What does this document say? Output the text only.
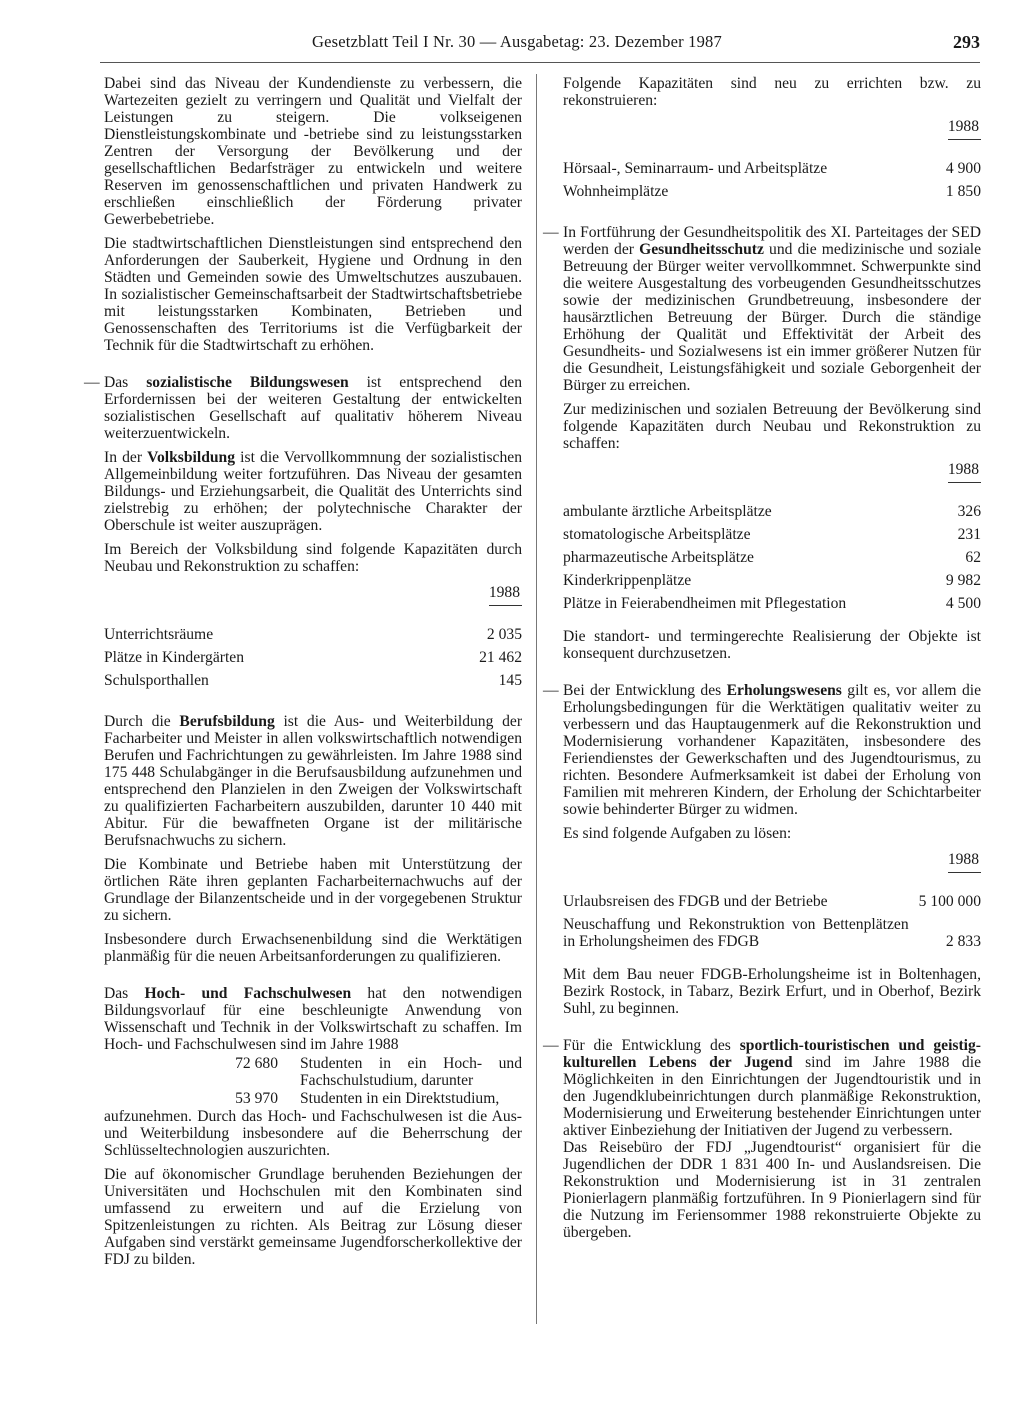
Gesetzblatt Teil I Nr. 30 — Ausgabetag: 23. Dezember 1987	293

Dabei sind das Niveau der Kundendienste zu verbessern, die Wartezeiten gezielt zu verringern und Qualität und Vielfalt der Leistungen zu steigern. Die volkseigenen Dienstleistungskombinate und -betriebe sind zu leistungsstarken Zentren der Versorgung der Bevölkerung und der gesellschaftlichen Bedarfsträger zu entwickeln und weitere Reserven im genossenschaftlichen und privaten Handwerk zu erschließen einschließlich der Förderung privater Gewerbebetriebe.

Die stadtwirtschaftlichen Dienstleistungen sind entsprechend den Anforderungen der Sauberkeit, Hygiene und Ordnung in den Städten und Gemeinden sowie des Umweltschutzes auszubauen. In sozialistischer Gemeinschaftsarbeit der Stadtwirtschaftsbetriebe mit leistungsstarken Kombinaten, Betrieben und Genossenschaften des Territoriums ist die Verfügbarkeit der Technik für die Stadtwirtschaft zu erhöhen.

— Das sozialistische Bildungswesen ist entsprechend den Erfordernissen bei der weiteren Gestaltung der entwickelten sozialistischen Gesellschaft auf qualitativ höherem Niveau weiterzuentwickeln.

In der Volksbildung ist die Vervollkommnung der sozialistischen Allgemeinbildung weiter fortzuführen. Das Niveau der gesamten Bildungs- und Erziehungsarbeit, die Qualität des Unterrichts sind zielstrebig zu erhöhen; der polytechnische Charakter der Oberschule ist weiter auszuprägen.

Im Bereich der Volksbildung sind folgende Kapazitäten durch Neubau und Rekonstruktion zu schaffen:

	1988

Unterrichtsräume	2 035
Plätze in Kindergärten	21 462
Schulsporthallen	145

Durch die Berufsbildung ist die Aus- und Weiterbildung der Facharbeiter und Meister in allen volkswirtschaftlich notwendigen Berufen und Fachrichtungen zu gewährleisten. Im Jahre 1988 sind 175 448 Schulabgänger in die Berufsausbildung aufzunehmen und entsprechend den Planzielen in den Zweigen der Volkswirtschaft zu qualifizierten Facharbeitern auszubilden, darunter 10 440 mit Abitur. Für die bewaffneten Organe ist der militärische Berufsnachwuchs zu sichern.

Die Kombinate und Betriebe haben mit Unterstützung der örtlichen Räte ihren geplanten Facharbeiternachwuchs auf der Grundlage der Bilanzentscheide und in der vorgegebenen Struktur zu sichern.

Insbesondere durch Erwachsenenbildung sind die Werktätigen planmäßig für die neuen Arbeitsanforderungen zu qualifizieren.

Das Hoch- und Fachschulwesen hat den notwendigen Bildungsvorlauf für eine beschleunigte Anwendung von Wissenschaft und Technik in der Volkswirtschaft zu schaffen. Im Hoch- und Fachschulwesen sind im Jahre 1988

72 680	Studenten in ein Hoch- und Fachschulstudium, darunter
53 970	Studenten in ein Direktstudium,

aufzunehmen. Durch das Hoch- und Fachschulwesen ist die Aus- und Weiterbildung insbesondere auf die Beherrschung der Schlüsseltechnologien auszurichten.

Die auf ökonomischer Grundlage beruhenden Beziehungen der Universitäten und Hochschulen mit den Kombinaten sind umfassend zu erweitern und auf die Erzielung von Spitzenleistungen zu richten. Als Beitrag zur Lösung dieser Aufgaben sind verstärkt gemeinsame Jugendforscherkollektive der FDJ zu bilden.

Folgende Kapazitäten sind neu zu errichten bzw. zu rekonstruieren:

	1988

Hörsaal-, Seminarraum- und Arbeitsplätze	4 900
Wohnheimplätze	1 850
— In Fortführung der Gesundheitspolitik des XI. Parteitages der SED werden der Gesundheitsschutz und die medizinische und soziale Betreuung der Bürger weiter vervollkommnet. Schwerpunkte sind die weitere Ausgestaltung des vorbeugenden Gesundheitsschutzes sowie der medizinischen Grundbetreuung, insbesondere der hausärztlichen Betreuung der Bürger. Durch die ständige Erhöhung der Qualität und Effektivität der Arbeit des Gesundheits- und Sozialwesens ist ein immer größerer Nutzen für die Gesundheit, Leistungsfähigkeit und soziale Geborgenheit der Bürger zu erreichen.

Zur medizinischen und sozialen Betreuung der Bevölkerung sind folgende Kapazitäten durch Neubau und Rekonstruktion zu schaffen:

	1988

ambulante ärztliche Arbeitsplätze	326
stomatologische Arbeitsplätze	231
pharmazeutische Arbeitsplätze	62
Kinderkrippenplätze	9 982
Plätze in Feierabendheimen mit Pflegestation	4 500

Die standort- und termingerechte Realisierung der Objekte ist konsequent durchzusetzen.

— Bei der Entwicklung des Erholungswesens gilt es, vor allem die Erholungsbedingungen für die Werktätigen qualitativ weiter zu verbessern und das Hauptaugenmerk auf die Rekonstruktion und Modernisierung vorhandener Kapazitäten, insbesondere des Feriendienstes der Gewerkschaften und des Jugendtourismus, zu richten. Besondere Aufmerksamkeit ist dabei der Erholung von Familien mit mehreren Kindern, der Erholung der Schichtarbeiter sowie behinderter Bürger zu widmen.

Es sind folgende Aufgaben zu lösen:

	1988

Urlaubsreisen des FDGB und der Betriebe	5 100 000
Neuschaffung und Rekonstruktion von Bettenplätzen in Erholungsheimen des FDGB	2 833

Mit dem Bau neuer FDGB-Erholungsheime ist in Boltenhagen, Bezirk Rostock, in Tabarz, Bezirk Erfurt, und in Oberhof, Bezirk Suhl, zu beginnen.

— Für die Entwicklung des sportlich-touristischen und geistig-kulturellen Lebens der Jugend sind im Jahre 1988 die Möglichkeiten in den Einrichtungen der Jugendtouristik und in den Jugendklubeinrichtungen durch planmäßige Rekonstruktion, Modernisierung und Erweiterung bestehender Einrichtungen unter aktiver Einbeziehung der Initiativen der Jugend zu verbessern.

Das Reisebüro der FDJ „Jugendtourist“ organisiert für die Jugendlichen der DDR 1 831 400 In- und Auslandsreisen. Die Rekonstruktion und Modernisierung ist in 31 zentralen Pionierlagern planmäßig fortzuführen. In 9 Pionierlagern sind für die Nutzung im Feriensommer 1988 rekonstruierte Objekte zu übergeben.
